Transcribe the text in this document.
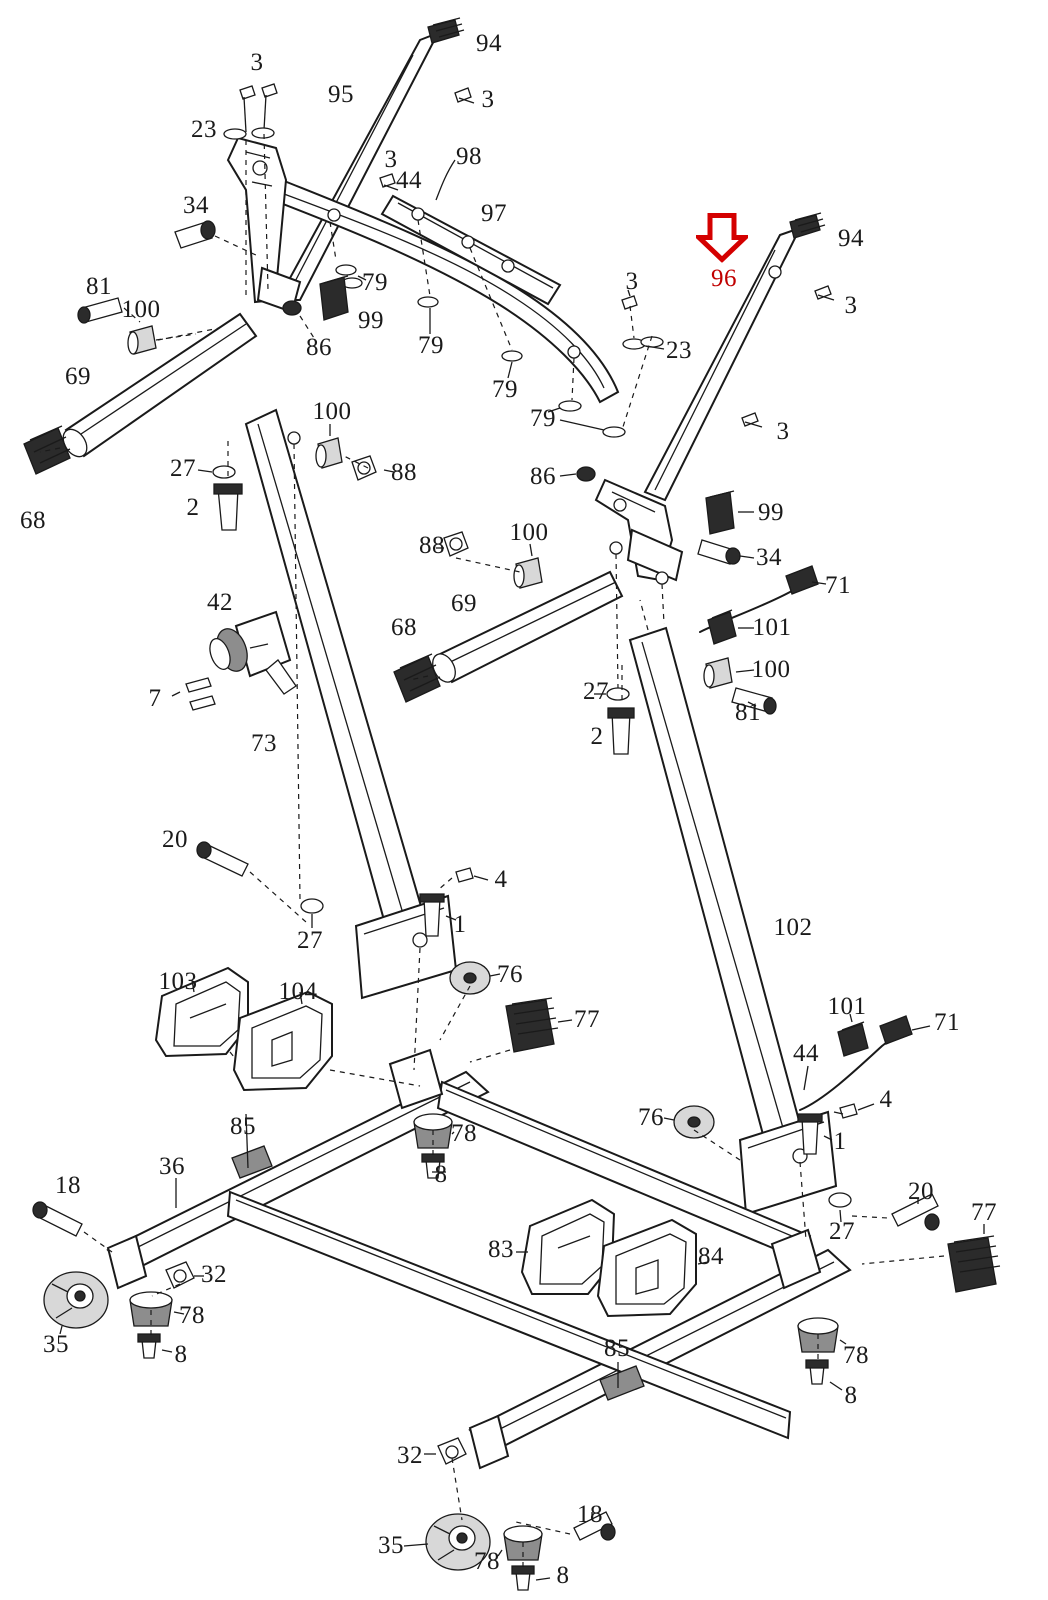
94
3
95	3
23
98
3
44
34	97
94
96
3
81
100
79
99
86
3
23
79
69	79
79	3
68
100
27	88	86
2	99
88	100
34
71
42	69
101
68
100
7	27
81
2
73
20
4
27
1	102
76
103	104
77	101
71
44
4
85	78
76
1
36
18	8
20
77
27
32
83	84
78
35	8	85	78
8
32
18
35
78
8
